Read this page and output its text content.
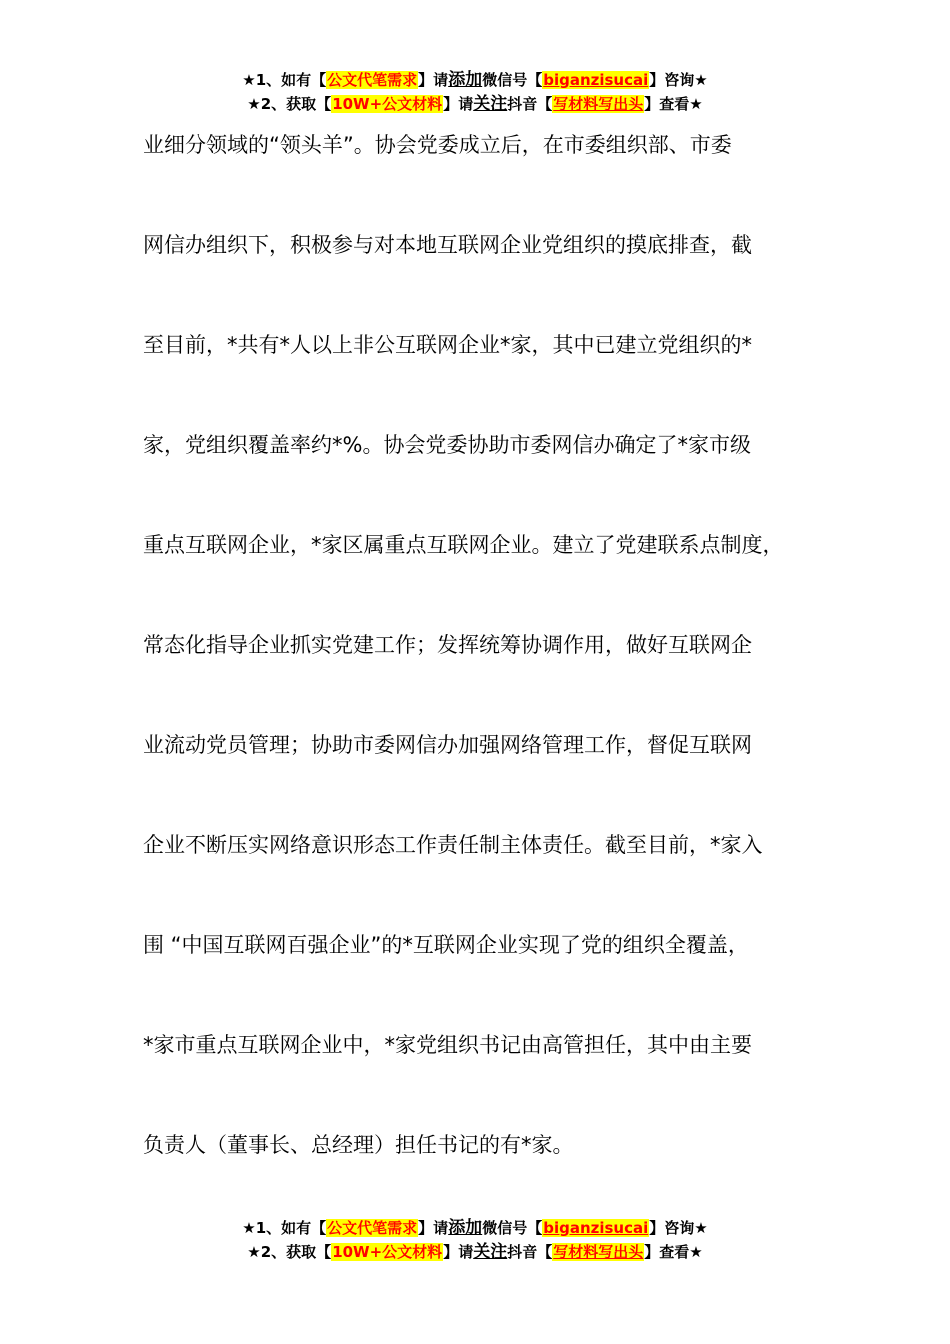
★1、如有【公文代笔需求】请添加微信号【biganzisucai】咨询★
★2、获取【10W+公文材料】请关注抖音【写材料写出头】查看★
业细分领域的“领头羊”。协会党委成立后，在市委组织部、市委
网信办组织下，积极参与对本地互联网企业党组织的摸底排查，截
至目前，*共有*人以上非公互联网企业*家，其中已建立党组织的*
家，党组织覆盖率约*%。协会党委协助市委网信办确定了*家市级
重点互联网企业，*家区属重点互联网企业。建立了党建联系点制度，
常态化指导企业抓实党建工作；发挥统筹协调作用，做好互联网企
业流动党员管理；协助市委网信办加强网络管理工作，督促互联网
企业不断压实网络意识形态工作责任制主体责任。截至目前，*家入
围 “中国互联网百强企业”的*互联网企业实现了党的组织全覆盖，
*家市重点互联网企业中，*家党组织书记由高管担任，其中由主要
负责人（董事长、总经理）担任书记的有*家。
★1、如有【公文代笔需求】请添加微信号【biganzisucai】咨询★
★2、获取【10W+公文材料】请关注抖音【写材料写出头】查看★
